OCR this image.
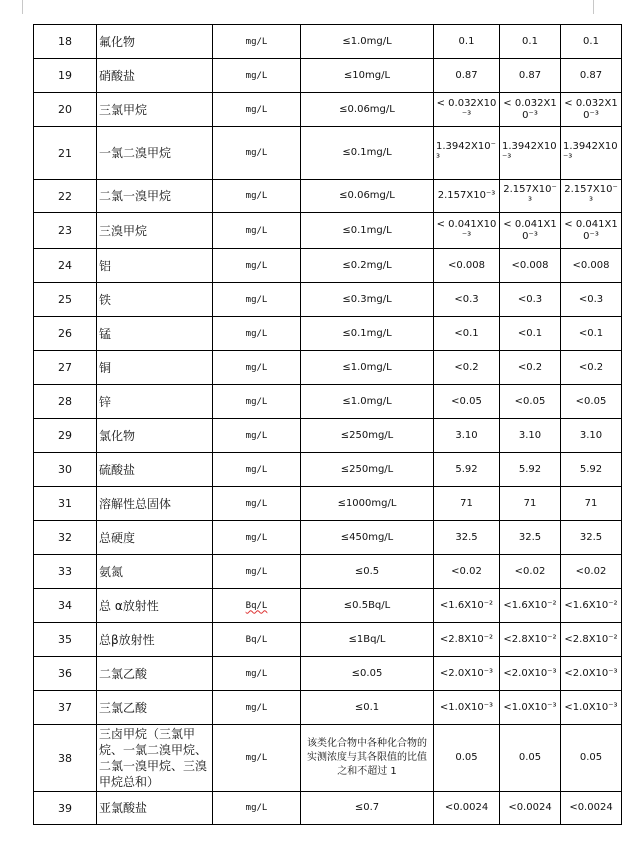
18	氟化物	mg/L	≤1.0mg/L	0.1	0.1	0.1
19	硝酸盐	mg/L	≤10mg/L	0.87	0.87	0.87
20	三氯甲烷	mg/L	≤0.06mg/L	< 0.032X10⁻³	< 0.032X10⁻³	< 0.032X10⁻³
21	一氯二溴甲烷	mg/L	≤0.1mg/L	1.3942X10⁻³	1.3942X10⁻³	1.3942X10⁻³
22	二氯一溴甲烷	mg/L	≤0.06mg/L	2.157X10⁻³	2.157X10⁻³	2.157X10⁻³
23	三溴甲烷	mg/L	≤0.1mg/L	< 0.041X10⁻³	< 0.041X10⁻³	< 0.041X10⁻³
24	铝	mg/L	≤0.2mg/L	<0.008	<0.008	<0.008
25	铁	mg/L	≤0.3mg/L	<0.3	<0.3	<0.3
26	锰	mg/L	≤0.1mg/L	<0.1	<0.1	<0.1
27	铜	mg/L	≤1.0mg/L	<0.2	<0.2	<0.2
28	锌	mg/L	≤1.0mg/L	<0.05	<0.05	<0.05
29	氯化物	mg/L	≤250mg/L	3.10	3.10	3.10
30	硫酸盐	mg/L	≤250mg/L	5.92	5.92	5.92
31	溶解性总固体	mg/L	≤1000mg/L	71	71	71
32	总硬度	mg/L	≤450mg/L	32.5	32.5	32.5
33	氨氮	mg/L	≤0.5	<0.02	<0.02	<0.02
34	总 α放射性	Bq/L	≤0.5Bq/L	<1.6X10⁻²	<1.6X10⁻²	<1.6X10⁻²
35	总β放射性	Bq/L	≤1Bq/L	<2.8X10⁻²	<2.8X10⁻²	<2.8X10⁻²
36	二氯乙酸	mg/L	≤0.05	<2.0X10⁻³	<2.0X10⁻³	<2.0X10⁻³
37	三氯乙酸	mg/L	≤0.1	<1.0X10⁻³	<1.0X10⁻³	<1.0X10⁻³
38	三卤甲烷（三氯甲烷、一氯二溴甲烷、二氯一溴甲烷、三溴甲烷总和）	mg/L	该类化合物中各种化合物的实测浓度与其各限值的比值之和不超过 1	0.05	0.05	0.05
39	亚氯酸盐	mg/L	≤0.7	<0.0024	<0.0024	<0.0024
